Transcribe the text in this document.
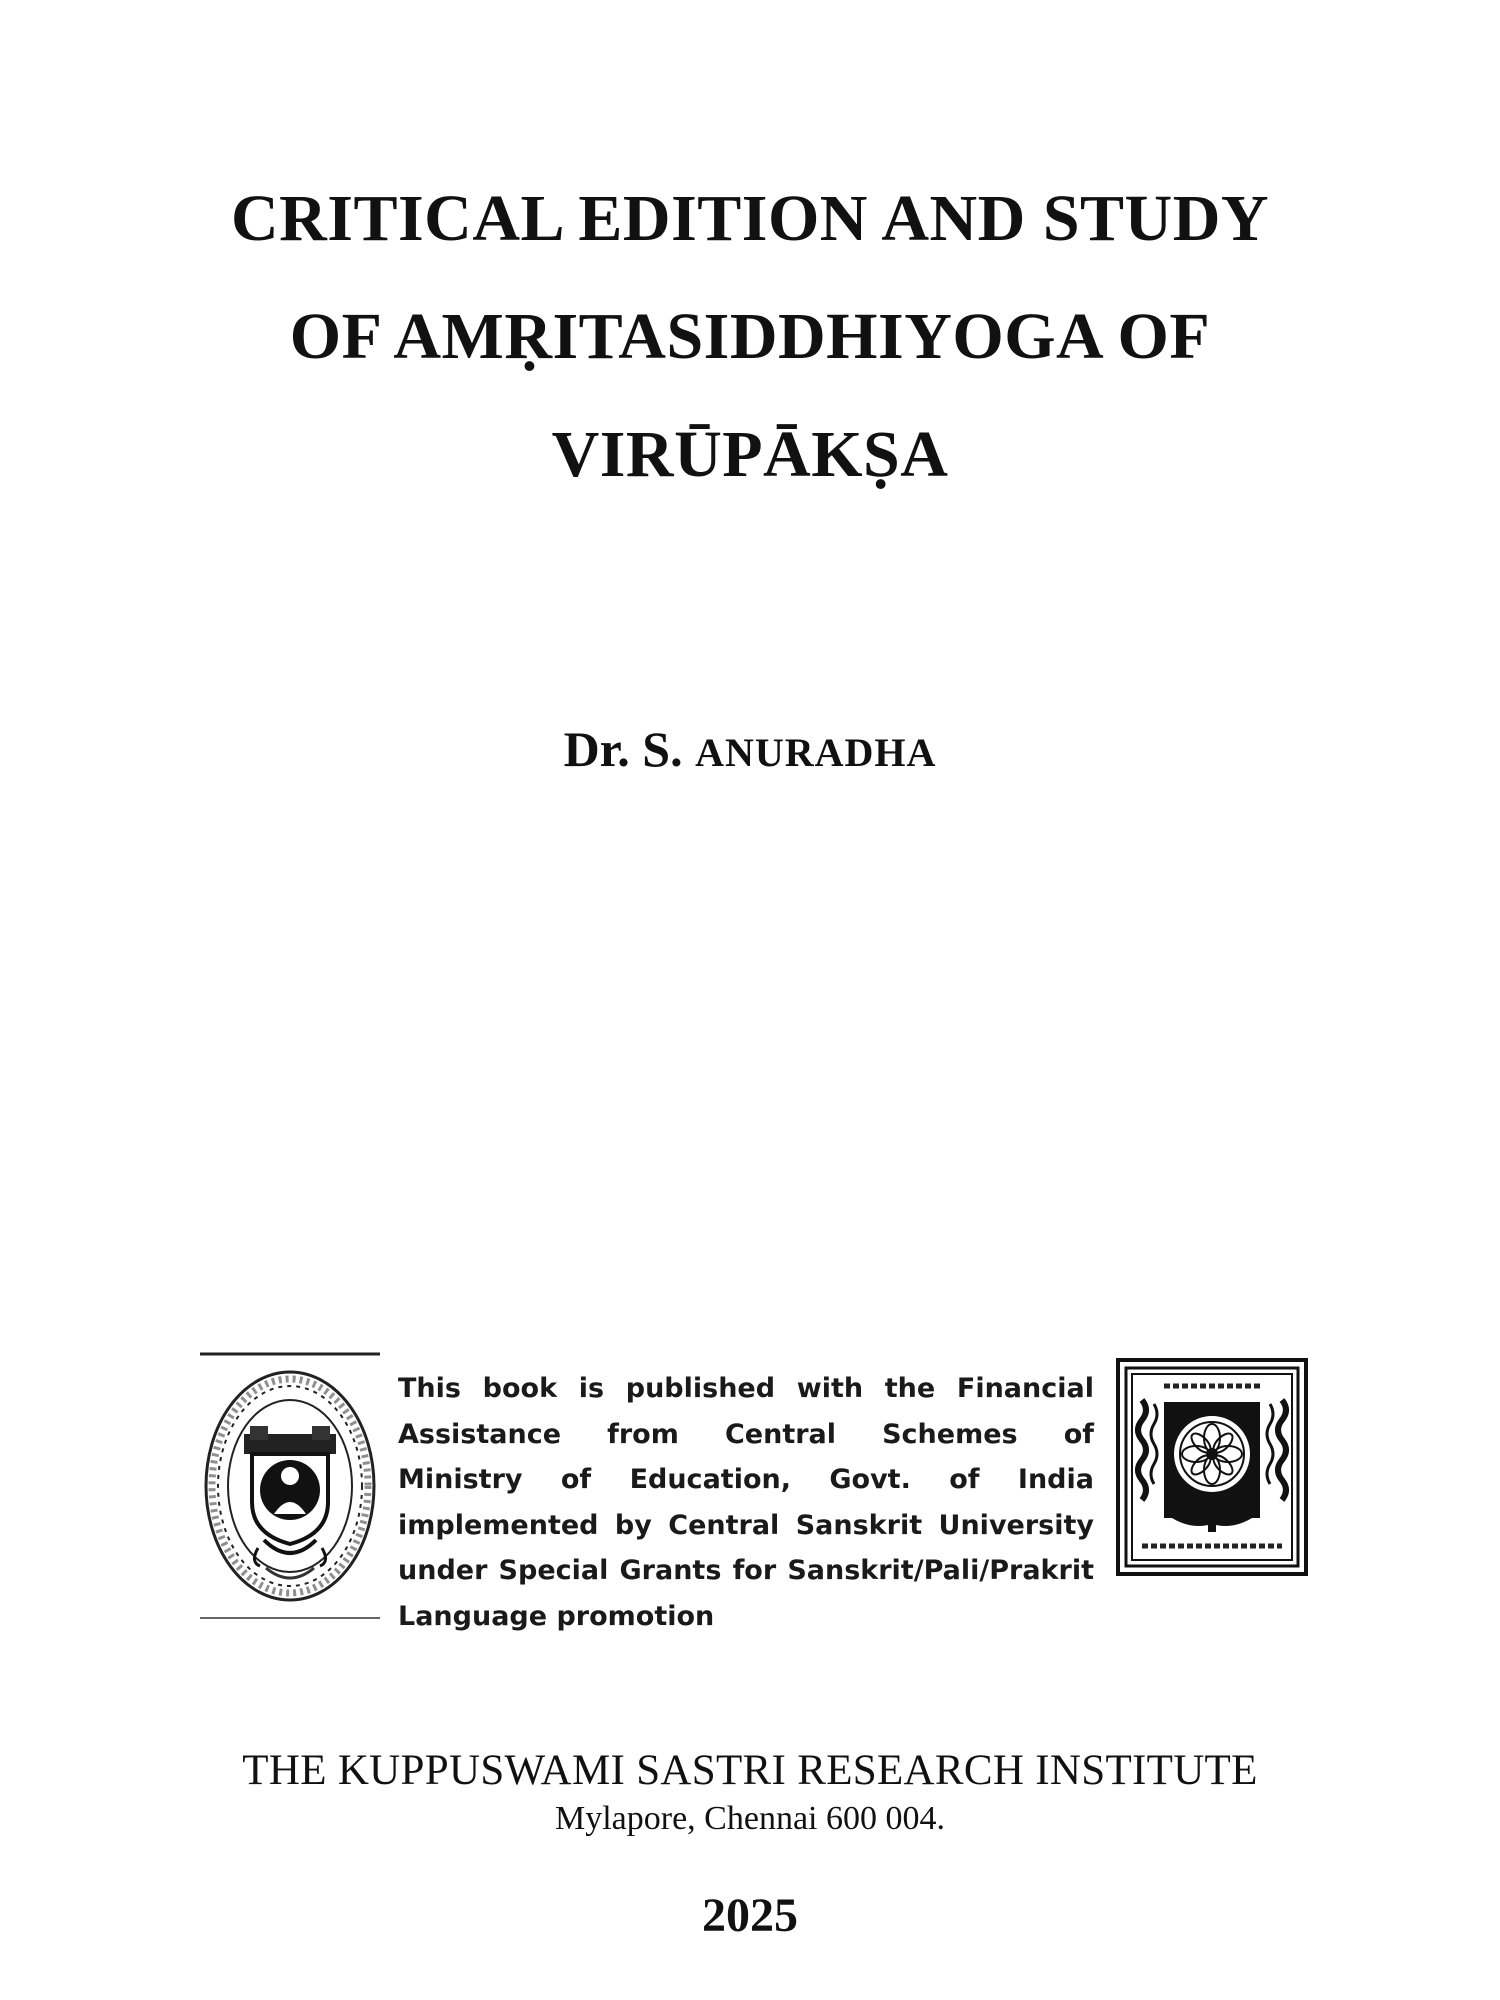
CRITICAL EDITION AND STUDY
OF AMṚITASIDDHIYOGA OF
VIRŪPĀKṢA
Dr. S. ANURADHA
This book is published with the Financial
Assistance from Central Schemes of
Ministry of Education, Govt. of India
implemented by Central Sanskrit University
under Special Grants for Sanskrit/Pali/Prakrit
Language promotion
THE KUPPUSWAMI SASTRI RESEARCH INSTITUTE
Mylapore, Chennai 600 004.
2025
